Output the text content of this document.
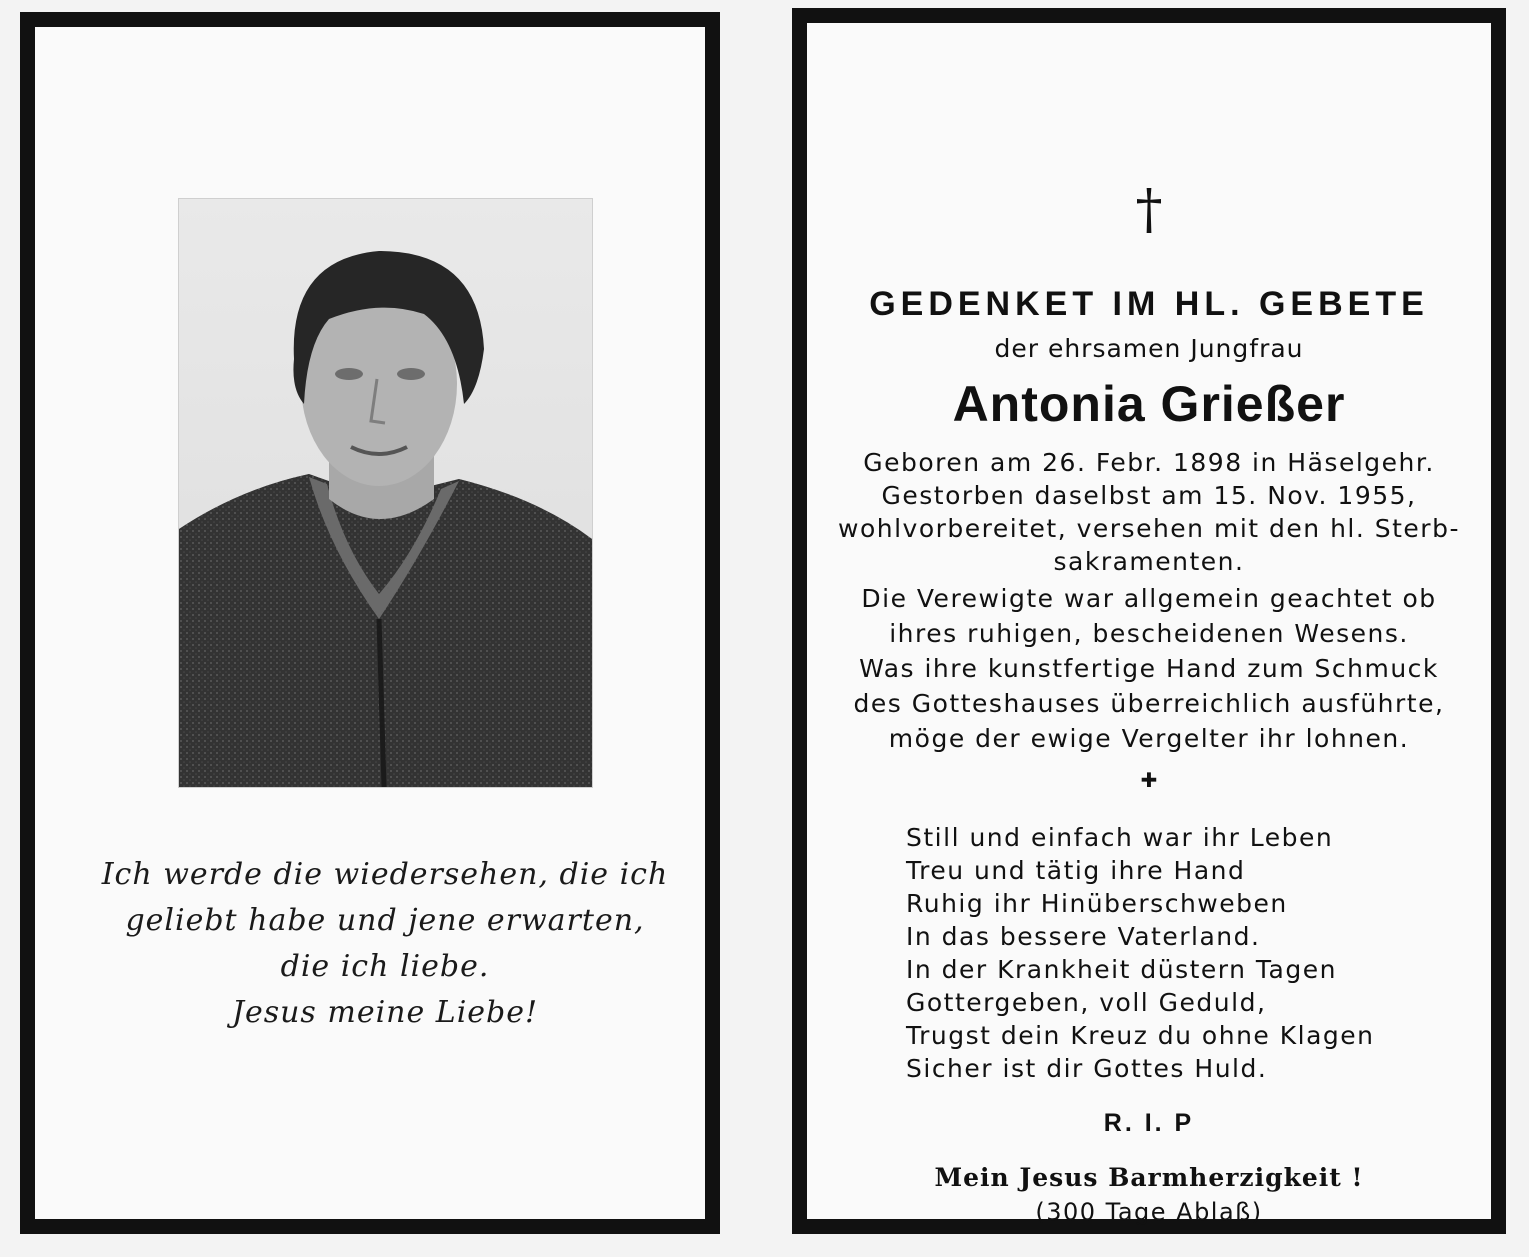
Ich werde die wiedersehen, die ich
geliebt habe und jene erwarten,
die ich liebe.
Jesus meine Liebe!
†
GEDENKET IM HL. GEBETE
der ehrsamen Jungfrau
Antonia Grießer
Geboren am 26. Febr. 1898 in Häselgehr.
Gestorben daselbst am 15. Nov. 1955,
wohlvorbereitet, versehen mit den hl. Sterb-
sakramenten.
Die Verewigte war allgemein geachtet ob
ihres ruhigen, bescheidenen Wesens.
Was ihre kunstfertige Hand zum Schmuck
des Gotteshauses überreichlich ausführte,
möge der ewige Vergelter ihr lohnen.
✚
Still und einfach war ihr Leben
Treu und tätig ihre Hand
Ruhig ihr Hinüberschweben
In das bessere Vaterland.
In der Krankheit düstern Tagen
Gottergeben, voll Geduld,
Trugst dein Kreuz du ohne Klagen
Sicher ist dir Gottes Huld.
R. I. P
Mein Jesus Barmherzigkeit !
(300 Tage Ablaß)
